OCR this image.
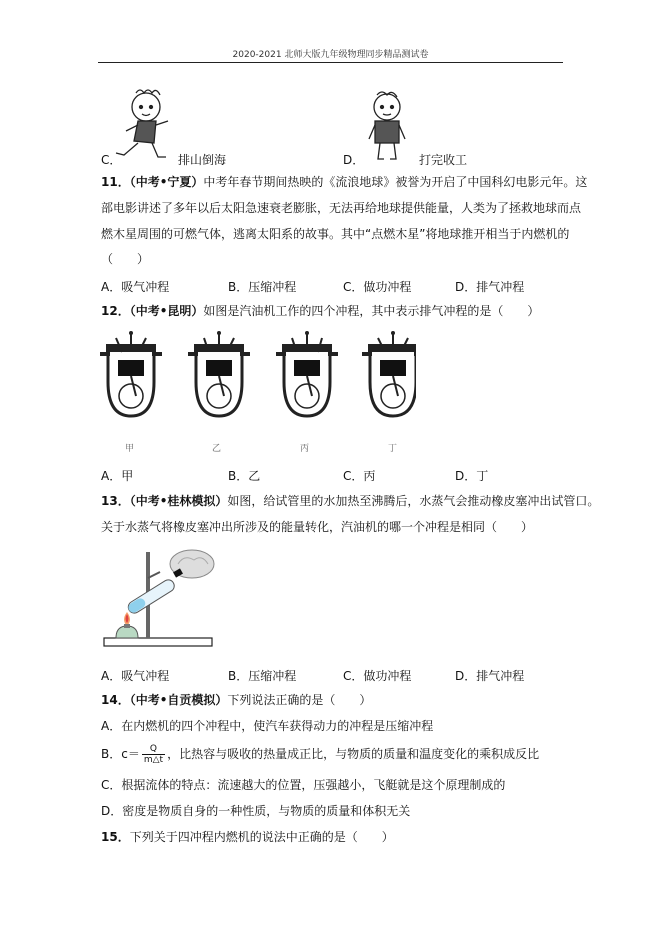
2020-2021 北师大版九年级物理同步精品测试卷
C．	排山倒海	D．	打完收工
11．（中考•宁夏）中考年春节期间热映的《流浪地球》被誉为开启了中国科幻电影元年。这
部电影讲述了多年以后太阳急速衰老膨胀，无法再给地球提供能量，人类为了拯救地球而点
燃木星周围的可燃气体，逃离太阳系的故事。其中“点燃木星”将地球推开相当于内燃机的
（　　）
A．吸气冲程	B．压缩冲程	C．做功冲程	D．排气冲程
12．（中考•昆明）如图是汽油机工作的四个冲程，其中表示排气冲程的是（　　）
甲	乙	丙	丁
A．甲	B．乙	C．丙	D．丁
13．（中考•桂林模拟）如图，给试管里的水加热至沸腾后，水蒸气会推动橡皮塞冲出试管口。
关于水蒸气将橡皮塞冲出所涉及的能量转化，汽油机的哪一个冲程是相同（　　）
A．吸气冲程	B．压缩冲程	C．做功冲程	D．排气冲程
14．（中考•自贡模拟）下列说法正确的是（　　）
A．在内燃机的四个冲程中，使汽车获得动力的冲程是压缩冲程
B．$c= \frac{Q}{m\triangle t}$ ，比热容与吸收的热量成正比，与物质的质量和温度变化的乘积成反比
C．根据流体的特点：流速越大的位置，压强越小，飞艇就是这个原理制成的
D．密度是物质自身的一种性质，与物质的质量和体积无关
15．下列关于四冲程内燃机的说法中正确的是（　　）
